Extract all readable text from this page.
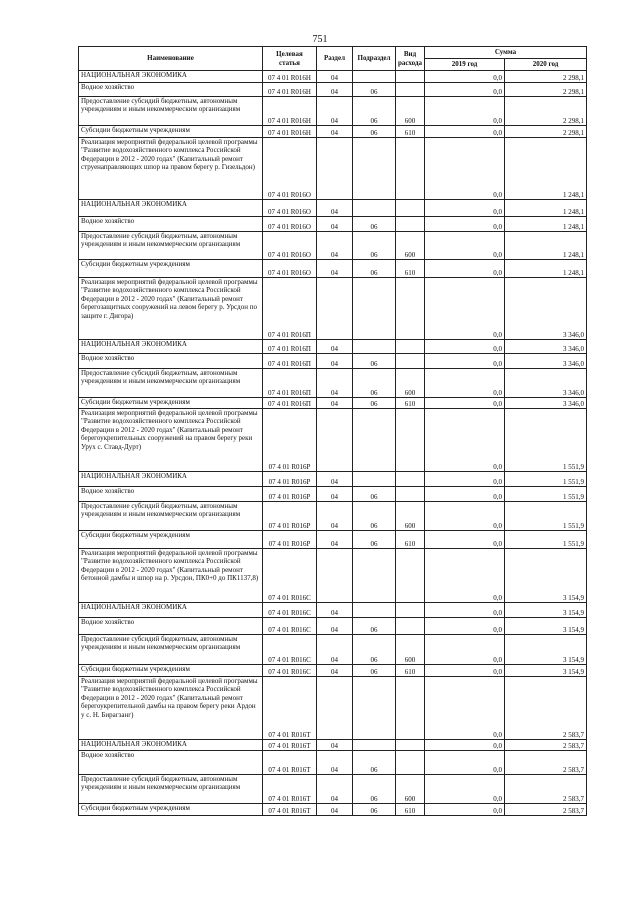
751
Наименование	Целевая статья	Раздел	Подраздел	Вид расхода	Сумма	
					2019 год	2020 год
НАЦИОНАЛЬНАЯ ЭКОНОМИКА	07 4 01 R016Н	04			0,0	2 298,1
Водное хозяйство	07 4 01 R016Н	04	06		0,0	2 298,1
Предоставление субсидий бюджетным, автономным учреждениям и иным некоммерческим организациям	07 4 01 R016Н	04	06	600	0,0	2 298,1
Субсидии бюджетным учреждениям	07 4 01 R016Н	04	06	610	0,0	2 298,1
Реализация мероприятий федеральной целевой программы "Развитие водохозяйственного комплекса Российской Федерации в 2012 - 2020 годах" (Капитальный ремонт струенаправляющих шпор на правом берегу р. Гизельдон)	07 4 01 R016О				0,0	1 248,1
НАЦИОНАЛЬНАЯ ЭКОНОМИКА	07 4 01 R016О	04			0,0	1 248,1
Водное хозяйство	07 4 01 R016О	04	06		0,0	1 248,1
Предоставление субсидий бюджетным, автономным учреждениям и иным некоммерческим организациям	07 4 01 R016О	04	06	600	0,0	1 248,1
Субсидии бюджетным учреждениям	07 4 01 R016О	04	06	610	0,0	1 248,1
Реализация мероприятий федеральной целевой программы "Развитие водохозяйственного комплекса Российской Федерации в 2012 - 2020 годах" (Капитальный ремонт берегозащитных сооружений на левом берегу р. Урсдон по защите г. Дигора)	07 4 01 R016П				0,0	3 346,0
НАЦИОНАЛЬНАЯ ЭКОНОМИКА	07 4 01 R016П	04			0,0	3 346,0
Водное хозяйство	07 4 01 R016П	04	06		0,0	3 346,0
Предоставление субсидий бюджетным, автономным учреждениям и иным некоммерческим организациям	07 4 01 R016П	04	06	600	0,0	3 346,0
Субсидии бюджетным учреждениям	07 4 01 R016П	04	06	610	0,0	3 346,0
Реализация мероприятий федеральной целевой программы "Развитие водохозяйственного комплекса Российской Федерации в 2012 - 2020 годах" (Капитальный ремонт берегоукрепительных сооружений на правом берегу реки Урух с. Ставд-Дурт)	07 4 01 R016Р				0,0	1 551,9
НАЦИОНАЛЬНАЯ ЭКОНОМИКА	07 4 01 R016Р	04			0,0	1 551,9
Водное хозяйство	07 4 01 R016Р	04	06		0,0	1 551,9
Предоставление субсидий бюджетным, автономным учреждениям и иным некоммерческим организациям	07 4 01 R016Р	04	06	600	0,0	1 551,9
Субсидии бюджетным учреждениям	07 4 01 R016Р	04	06	610	0,0	1 551,9
Реализация мероприятий федеральной целевой программы "Развитие водохозяйственного комплекса Российской Федерации в 2012 - 2020 годах" (Капитальный ремонт бетонной дамбы и шпор на р. Урсдон, ПК0+0 до ПК1137,8)	07 4 01 R016С				0,0	3 154,9
НАЦИОНАЛЬНАЯ ЭКОНОМИКА	07 4 01 R016С	04			0,0	3 154,9
Водное хозяйство	07 4 01 R016С	04	06		0,0	3 154,9
Предоставление субсидий бюджетным, автономным учреждениям и иным некоммерческим организациям	07 4 01 R016С	04	06	600	0,0	3 154,9
Субсидии бюджетным учреждениям	07 4 01 R016С	04	06	610	0,0	3 154,9
Реализация мероприятий федеральной целевой программы "Развитие водохозяйственного комплекса Российской Федерации в 2012 - 2020 годах" (Капитальный ремонт берегоукрепительной дамбы на правом берегу реки Ардон у с. Н. Бирагзанг)	07 4 01 R016Т				0,0	2 583,7
НАЦИОНАЛЬНАЯ ЭКОНОМИКА	07 4 01 R016Т	04			0,0	2 583,7
Водное хозяйство	07 4 01 R016Т	04	06		0,0	2 583,7
Предоставление субсидий бюджетным, автономным учреждениям и иным некоммерческим организациям	07 4 01 R016Т	04	06	600	0,0	2 583,7
Субсидии бюджетным учреждениям	07 4 01 R016Т	04	06	610	0,0	2 583,7
